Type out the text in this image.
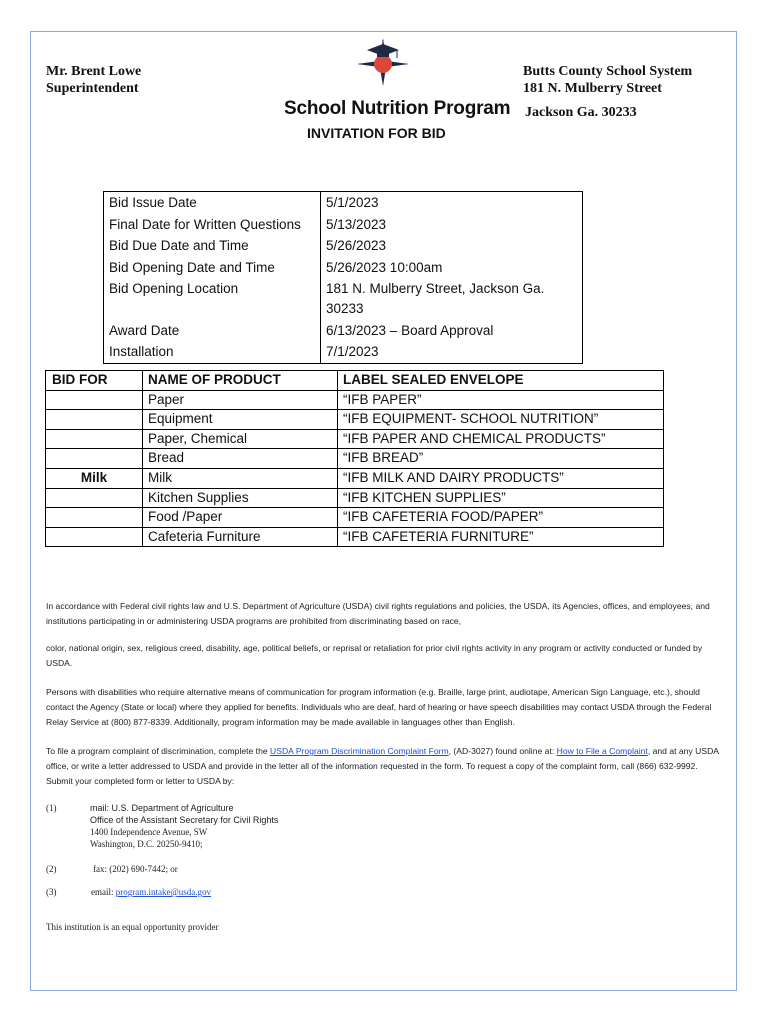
Mr. Brent Lowe
Superintendent
Butts County School System
181 N. Mulberry Street
Jackson Ga. 30233
School Nutrition Program
INVITATION FOR BID
Bid Issue Date	5/1/2023
Final Date for Written Questions	5/13/2023
Bid Due Date and Time	5/26/2023
Bid Opening Date and Time	5/26/2023 10:00am
Bid Opening Location	181 N. Mulberry Street, Jackson Ga. 30233
Award Date	6/13/2023 – Board Approval
Installation	7/1/2023
BID FOR	NAME OF PRODUCT	LABEL SEALED ENVELOPE
	Paper	“IFB PAPER”
	Equipment	“IFB EQUIPMENT- SCHOOL NUTRITION”
	Paper, Chemical	“IFB PAPER AND CHEMICAL PRODUCTS”
	Bread	“IFB BREAD”
Milk	Milk	“IFB MILK AND DAIRY PRODUCTS”
	Kitchen Supplies	“IFB KITCHEN SUPPLIES”
	Food /Paper	“IFB CAFETERIA FOOD/PAPER”
	Cafeteria Furniture	“IFB CAFETERIA FURNITURE”
In accordance with Federal civil rights law and U.S. Department of Agriculture (USDA) civil rights regulations and policies, the USDA, its Agencies, offices, and employees, and institutions participating in or administering USDA programs are prohibited from discriminating based on race,
color, national origin, sex, religious creed, disability, age, political beliefs, or reprisal or retaliation for prior civil rights activity in any program or activity conducted or funded by USDA.
Persons with disabilities who require alternative means of communication for program information (e.g. Braille, large print, audiotape, American Sign Language, etc.), should contact the Agency (State or local) where they applied for benefits. Individuals who are deaf, hard of hearing or have speech disabilities may contact USDA through the Federal Relay Service at (800) 877-8339. Additionally, program information may be made available in languages other than English.
To file a program complaint of discrimination, complete the USDA Program Discrimination Complaint Form, (AD-3027) found online at: How to File a Complaint, and at any USDA office, or write a letter addressed to USDA and provide in the letter all of the information requested in the form. To request a copy of the complaint form, call (866) 632-9992. Submit your completed form or letter to USDA by:
(1)	mail: U.S. Department of Agriculture
Office of the Assistant Secretary for Civil Rights
1400 Independence Avenue, SW
Washington, D.C. 20250-9410;
(2)	fax: (202) 690-7442; or
(3)	email: program.intake@usda.gov
This institution is an equal opportunity provider
